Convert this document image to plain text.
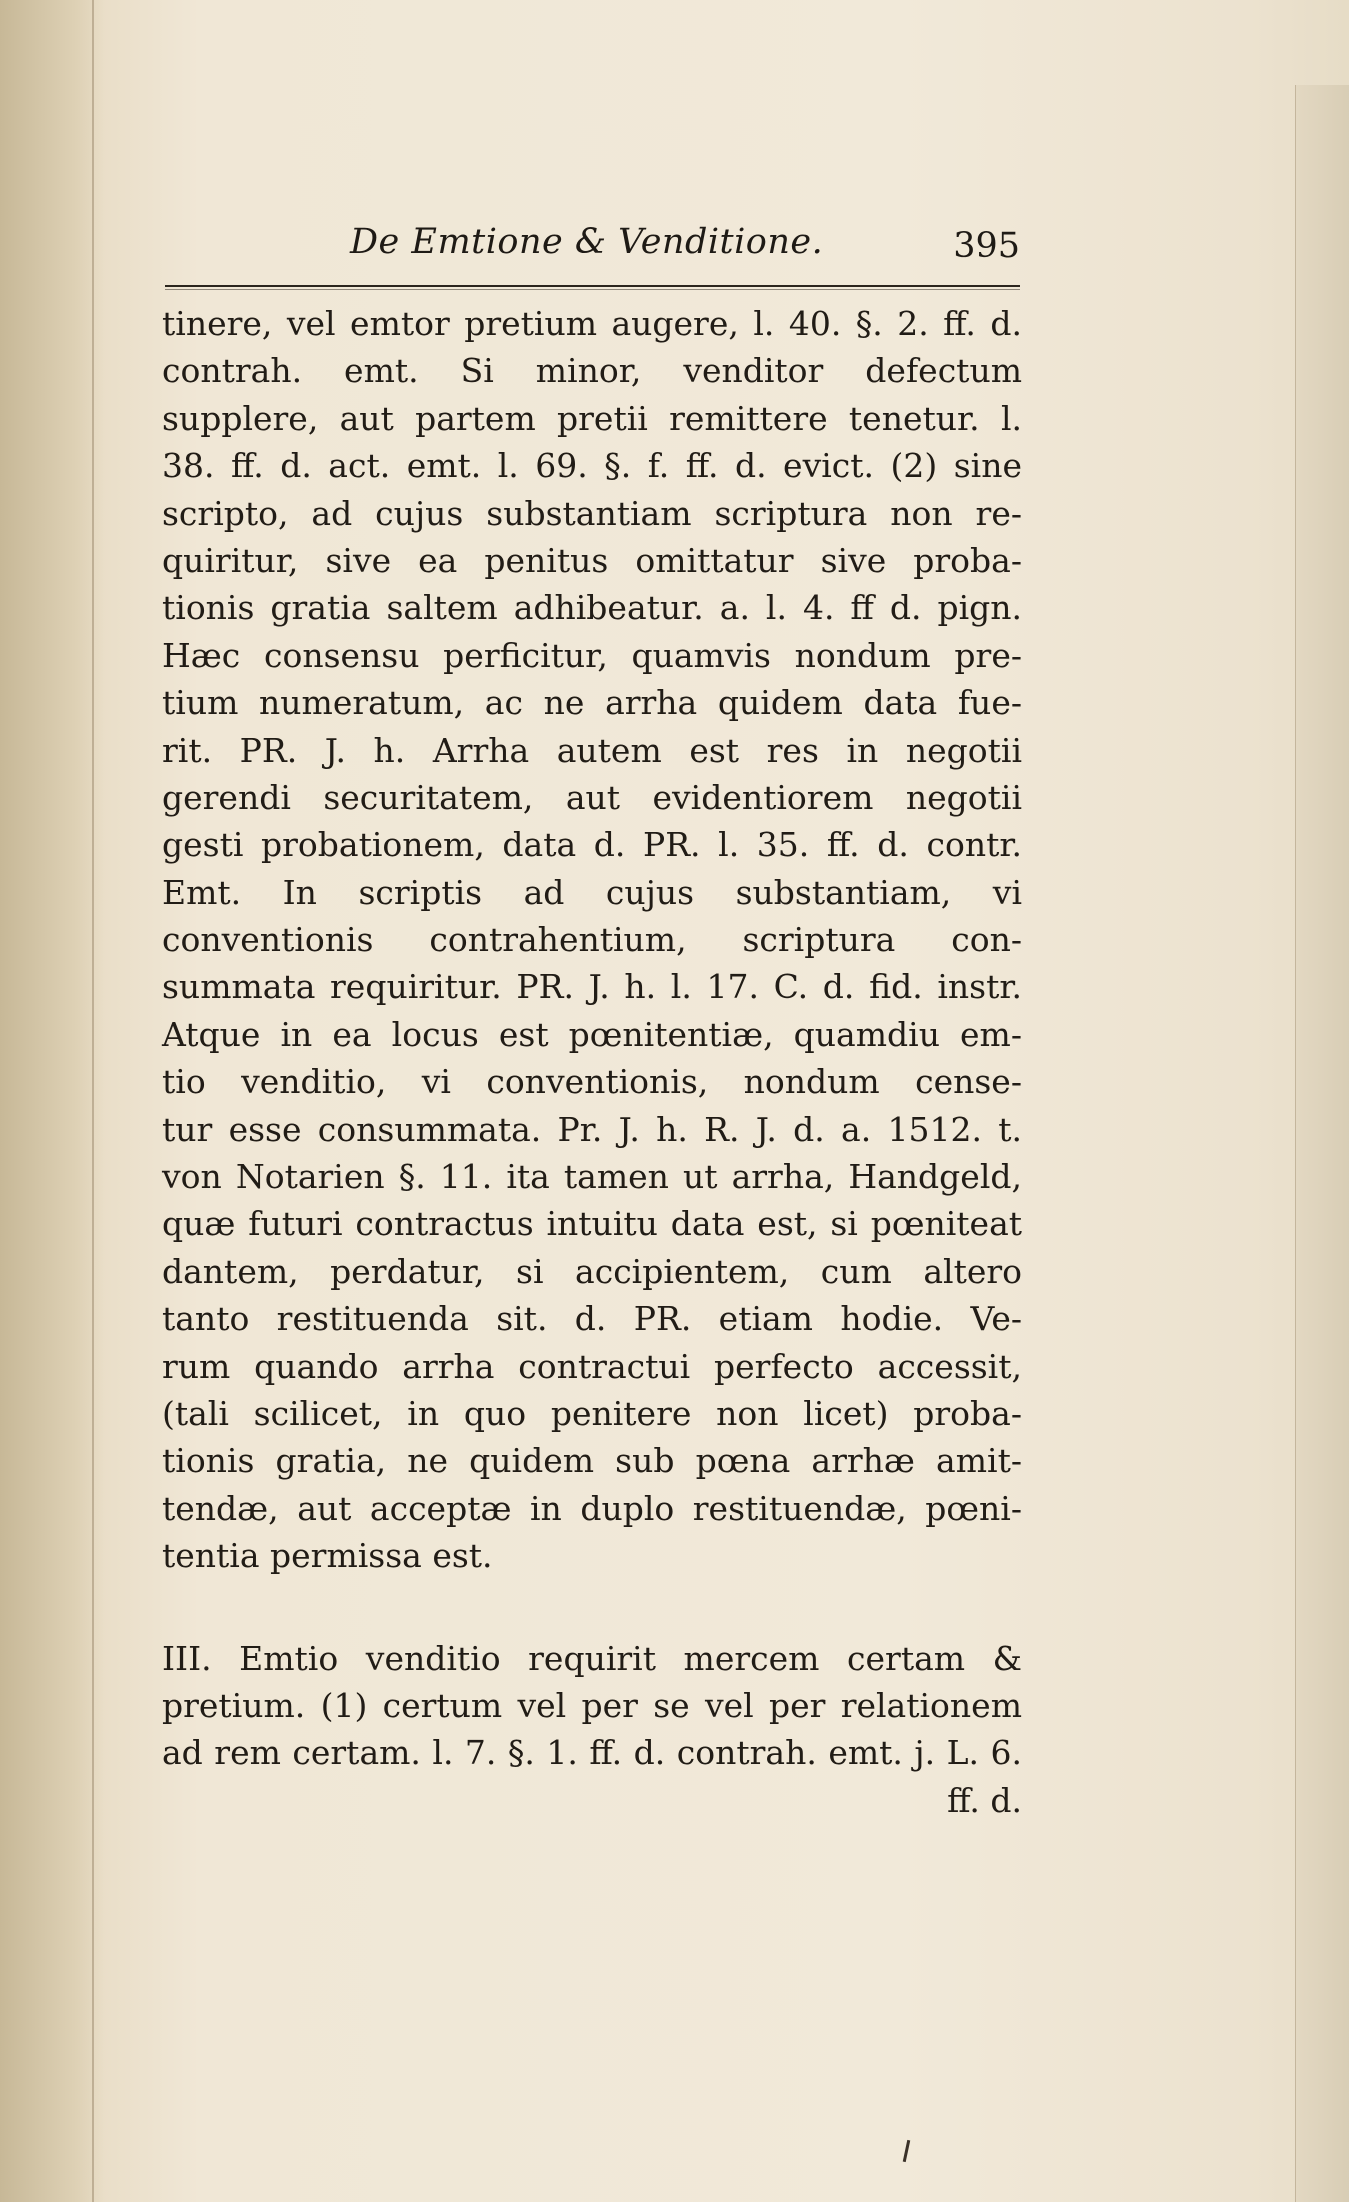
De Emtione & Venditione.	395
tinere, vel emtor pretium augere, l. 40. §. 2. ff. d.
contrah. emt. Si minor, venditor defectum
supplere, aut partem pretii remittere tenetur. l.
38. ff. d. act. emt. l. 69. §. f. ff. d. evict. (2) sine
scripto, ad cujus substantiam scriptura non re-
quiritur, sive ea penitus omittatur sive proba-
tionis gratia saltem adhibeatur. a. l. 4. ff d. pign.
Hæc consensu perficitur, quamvis nondum pre-
tium numeratum, ac ne arrha quidem data fue-
rit. PR. J. h. Arrha autem est res in negotii
gerendi securitatem, aut evidentiorem negotii
gesti probationem, data d. PR. l. 35. ff. d. contr.
Emt. In scriptis ad cujus substantiam, vi
conventionis contrahentium, scriptura con-
summata requiritur. PR. J. h. l. 17. C. d. fid. instr.
Atque in ea locus est pœnitentiæ, quamdiu em-
tio venditio, vi conventionis, nondum cense-
tur esse consummata. Pr. J. h. R. J. d. a. 1512. t.
von Notarien §. 11. ita tamen ut arrha, Handgeld,
quæ futuri contractus intuitu data est, si pœniteat
dantem, perdatur, si accipientem, cum altero
tanto restituenda sit. d. PR. etiam hodie. Ve-
rum quando arrha contractui perfecto accessit,
(tali scilicet, in quo penitere non licet) proba-
tionis gratia, ne quidem sub pœna arrhæ amit-
tendæ, aut acceptæ in duplo restituendæ, pœni-
tentia permissa est.
III. Emtio venditio requirit mercem certam &
pretium. (1) certum vel per se vel per relationem
ad rem certam. l. 7. §. 1. ff. d. contrah. emt. j. L. 6.
ff. d.
